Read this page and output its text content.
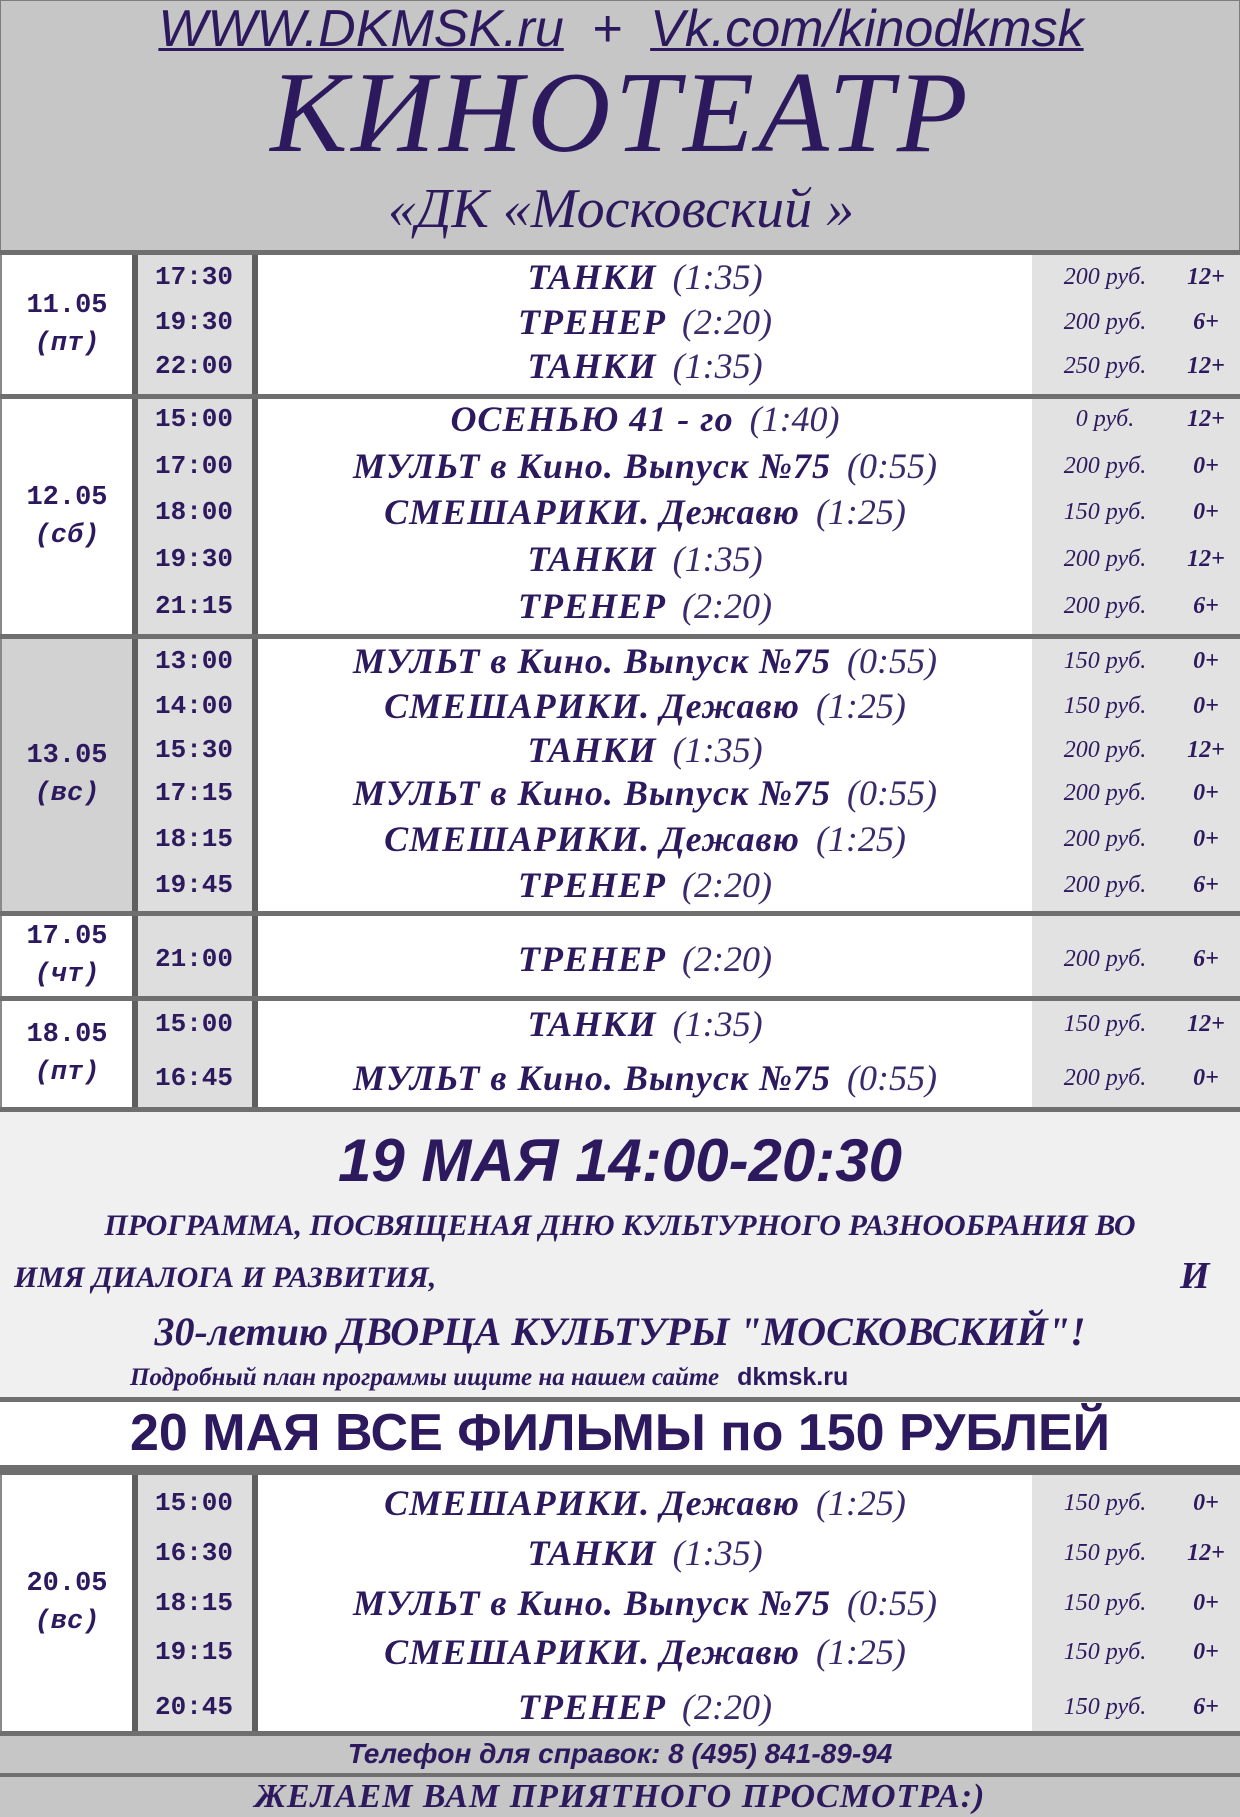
WWW.DKMSK.ru + Vk.com/kinodkmsk
КИНОТЕАТР
«ДК «Московский »
11.05
(пт)
17:30	ТАНКИ (1:35)	200 руб.	12+
19:30	ТРЕНЕР (2:20)	200 руб.	6+
22:00	ТАНКИ (1:35)	250 руб.	12+
12.05
(сб)
15:00	ОСЕНЬЮ 41 - го (1:40)	0 руб.	12+
17:00	МУЛЬТ в Кино. Выпуск №75 (0:55)	200 руб.	0+
18:00	СМЕШАРИКИ. Дежавю (1:25)	150 руб.	0+
19:30	ТАНКИ (1:35)	200 руб.	12+
21:15	ТРЕНЕР (2:20)	200 руб.	6+
13.05
(вс)
13:00	МУЛЬТ в Кино. Выпуск №75 (0:55)	150 руб.	0+
14:00	СМЕШАРИКИ. Дежавю (1:25)	150 руб.	0+
15:30	ТАНКИ (1:35)	200 руб.	12+
17:15	МУЛЬТ в Кино. Выпуск №75 (0:55)	200 руб.	0+
18:15	СМЕШАРИКИ. Дежавю (1:25)	200 руб.	0+
19:45	ТРЕНЕР (2:20)	200 руб.	6+
17.05
(чт)
21:00	ТРЕНЕР (2:20)	200 руб.	6+
18.05
(пт)
15:00	ТАНКИ (1:35)	150 руб.	12+
16:45	МУЛЬТ в Кино. Выпуск №75 (0:55)	200 руб.	0+
20.05
(вс)
15:00	СМЕШАРИКИ. Дежавю (1:25)	150 руб.	0+
16:30	ТАНКИ (1:35)	150 руб.	12+
18:15	МУЛЬТ в Кино. Выпуск №75 (0:55)	150 руб.	0+
19:15	СМЕШАРИКИ. Дежавю (1:25)	150 руб.	0+
20:45	ТРЕНЕР (2:20)	150 руб.	6+
19 МАЯ 14:00-20:30
ПРОГРАММА, ПОСВЯЩЕНАЯ ДНЮ КУЛЬТУРНОГО РАЗНООБРАНИЯ ВО
ИМЯ ДИАЛОГА И РАЗВИТИЯ,	И
30-летию ДВОРЦА КУЛЬТУРЫ "МОСКОВСКИЙ"!
Подробный план программы ищите на нашем сайте dkmsk.ru
20 МАЯ ВСЕ ФИЛЬМЫ по 150 РУБЛЕЙ
Телефон для справок: 8 (495) 841-89-94
ЖЕЛАЕМ ВАМ ПРИЯТНОГО ПРОСМОТРА:)
